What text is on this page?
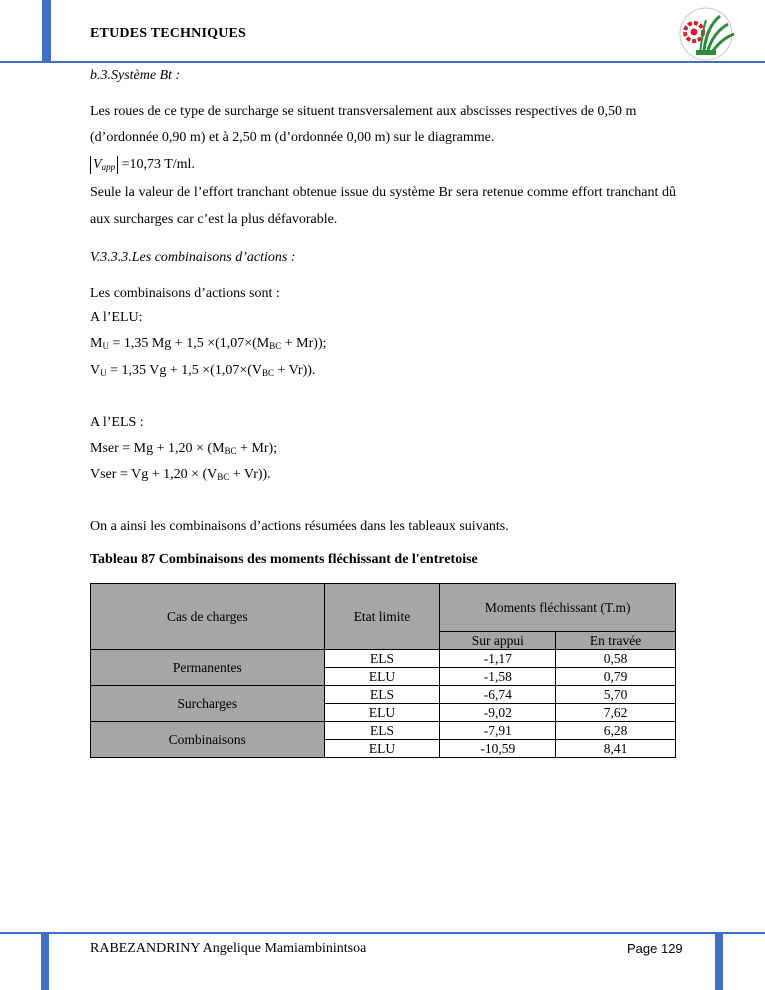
ETUDES TECHNIQUES
b.3.Système Bt :
Les roues de ce type de surcharge se situent transversalement aux abscisses respectives de 0,50 m
(d’ordonnée 0,90 m) et à 2,50 m (d’ordonnée 0,00 m) sur le diagramme.
$V_{app} =10,73$ T/ml.
Seule la valeur de l’effort tranchant obtenue issue du système Br sera retenue comme effort tranchant dû aux surcharges car c’est la plus défavorable.
V.3.3.3.Les combinaisons d’actions :
Les combinaisons d’actions sont :
A l’ELU:
$M_U = 1,35$ $Mg + 1,5 \times(1,07\times(M_{BC} + Mr))$;
$V_U = 1,35$ $Vg + 1,5 \times(1,07\times(V_{BC} + Vr))$.
A l’ELS :
Mser = $Mg + 1,20 \times (M_{BC} + Mr)$;
Vser = $Vg + 1,20 \times (V_{BC} + Vr)$).
On a ainsi les combinaisons d’actions résumées dans les tableaux suivants.
Tableau 87 Combinaisons des moments fléchissant de l'entretoise
Cas de charges	Etat limite	Moments fléchissant (T.m)	
		Sur appui	En travée
Permanentes	ELS	-1,17	0,58
	ELU	-1,58	0,79
Surcharges	ELS	-6,74	5,70
	ELU	-9,02	7,62
Combinaisons	ELS	-7,91	6,28
	ELU	-10,59	8,41
RABEZANDRINY Angelique Mamiambinintsoa	Page 129
